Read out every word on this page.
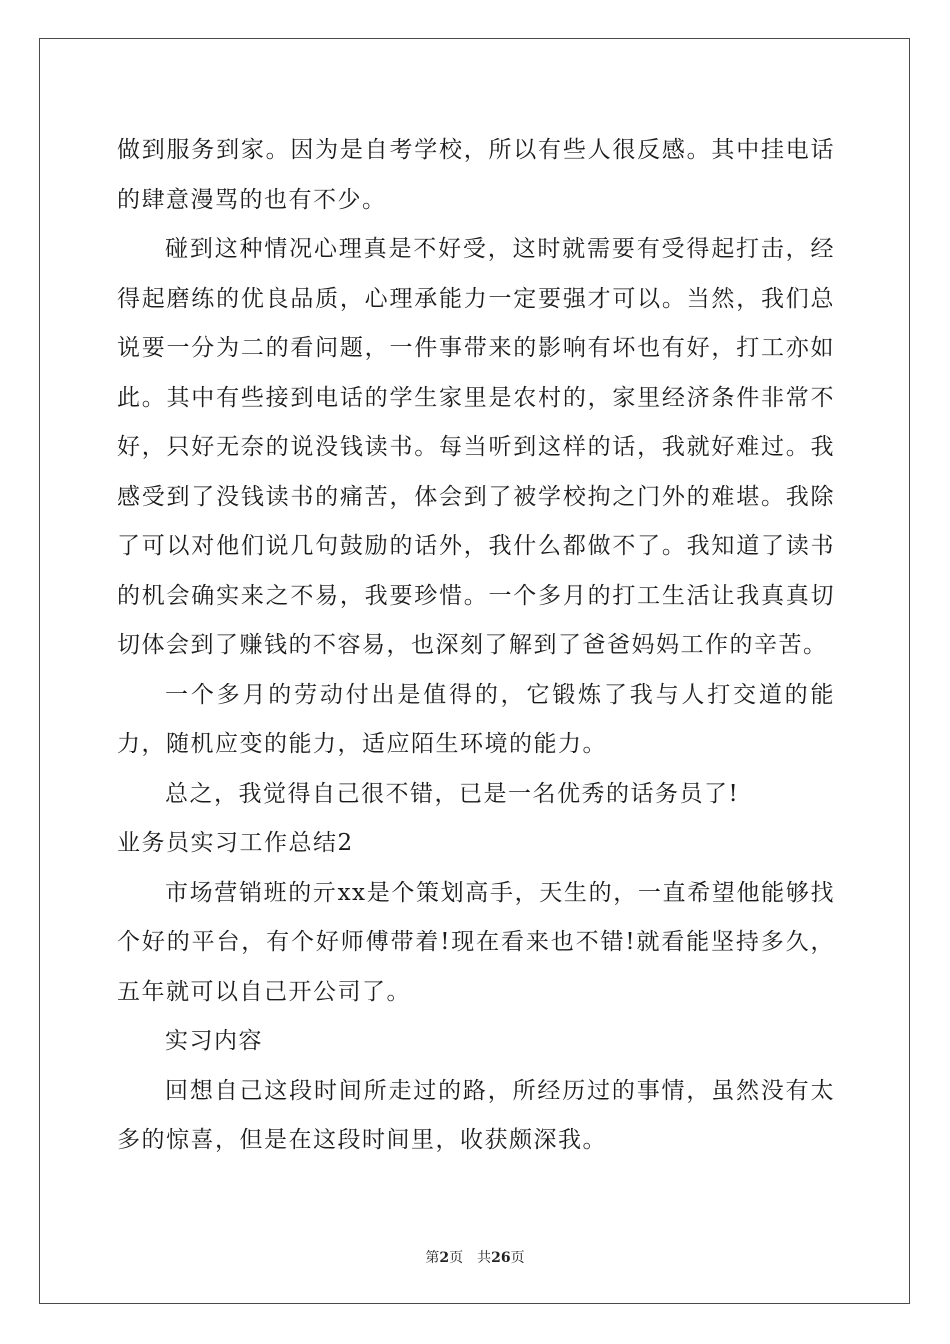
做到服务到家。因为是自考学校，所以有些人很反感。其中挂电话的肆意漫骂的也有不少。

碰到这种情况心理真是不好受，这时就需要有受得起打击，经得起磨练的优良品质，心理承能力一定要强才可以。当然，我们总说要一分为二的看问题，一件事带来的影响有坏也有好，打工亦如此。其中有些接到电话的学生家里是农村的，家里经济条件非常不好，只好无奈的说没钱读书。每当听到这样的话，我就好难过。我感受到了没钱读书的痛苦，体会到了被学校拘之门外的难堪。我除了可以对他们说几句鼓励的话外，我什么都做不了。我知道了读书的机会确实来之不易，我要珍惜。一个多月的打工生活让我真真切切体会到了赚钱的不容易，也深刻了解到了爸爸妈妈工作的辛苦。

一个多月的劳动付出是值得的，它锻炼了我与人打交道的能力，随机应变的能力，适应陌生环境的能力。

总之，我觉得自己很不错，已是一名优秀的话务员了!

业务员实习工作总结2

市场营销班的亓xx是个策划高手，天生的，一直希望他能够找个好的平台，有个好师傅带着!现在看来也不错!就看能坚持多久，五年就可以自己开公司了。

实习内容

回想自己这段时间所走过的路，所经历过的事情，虽然没有太多的惊喜，但是在这段时间里，收获颇深我。

第2页 共26页
